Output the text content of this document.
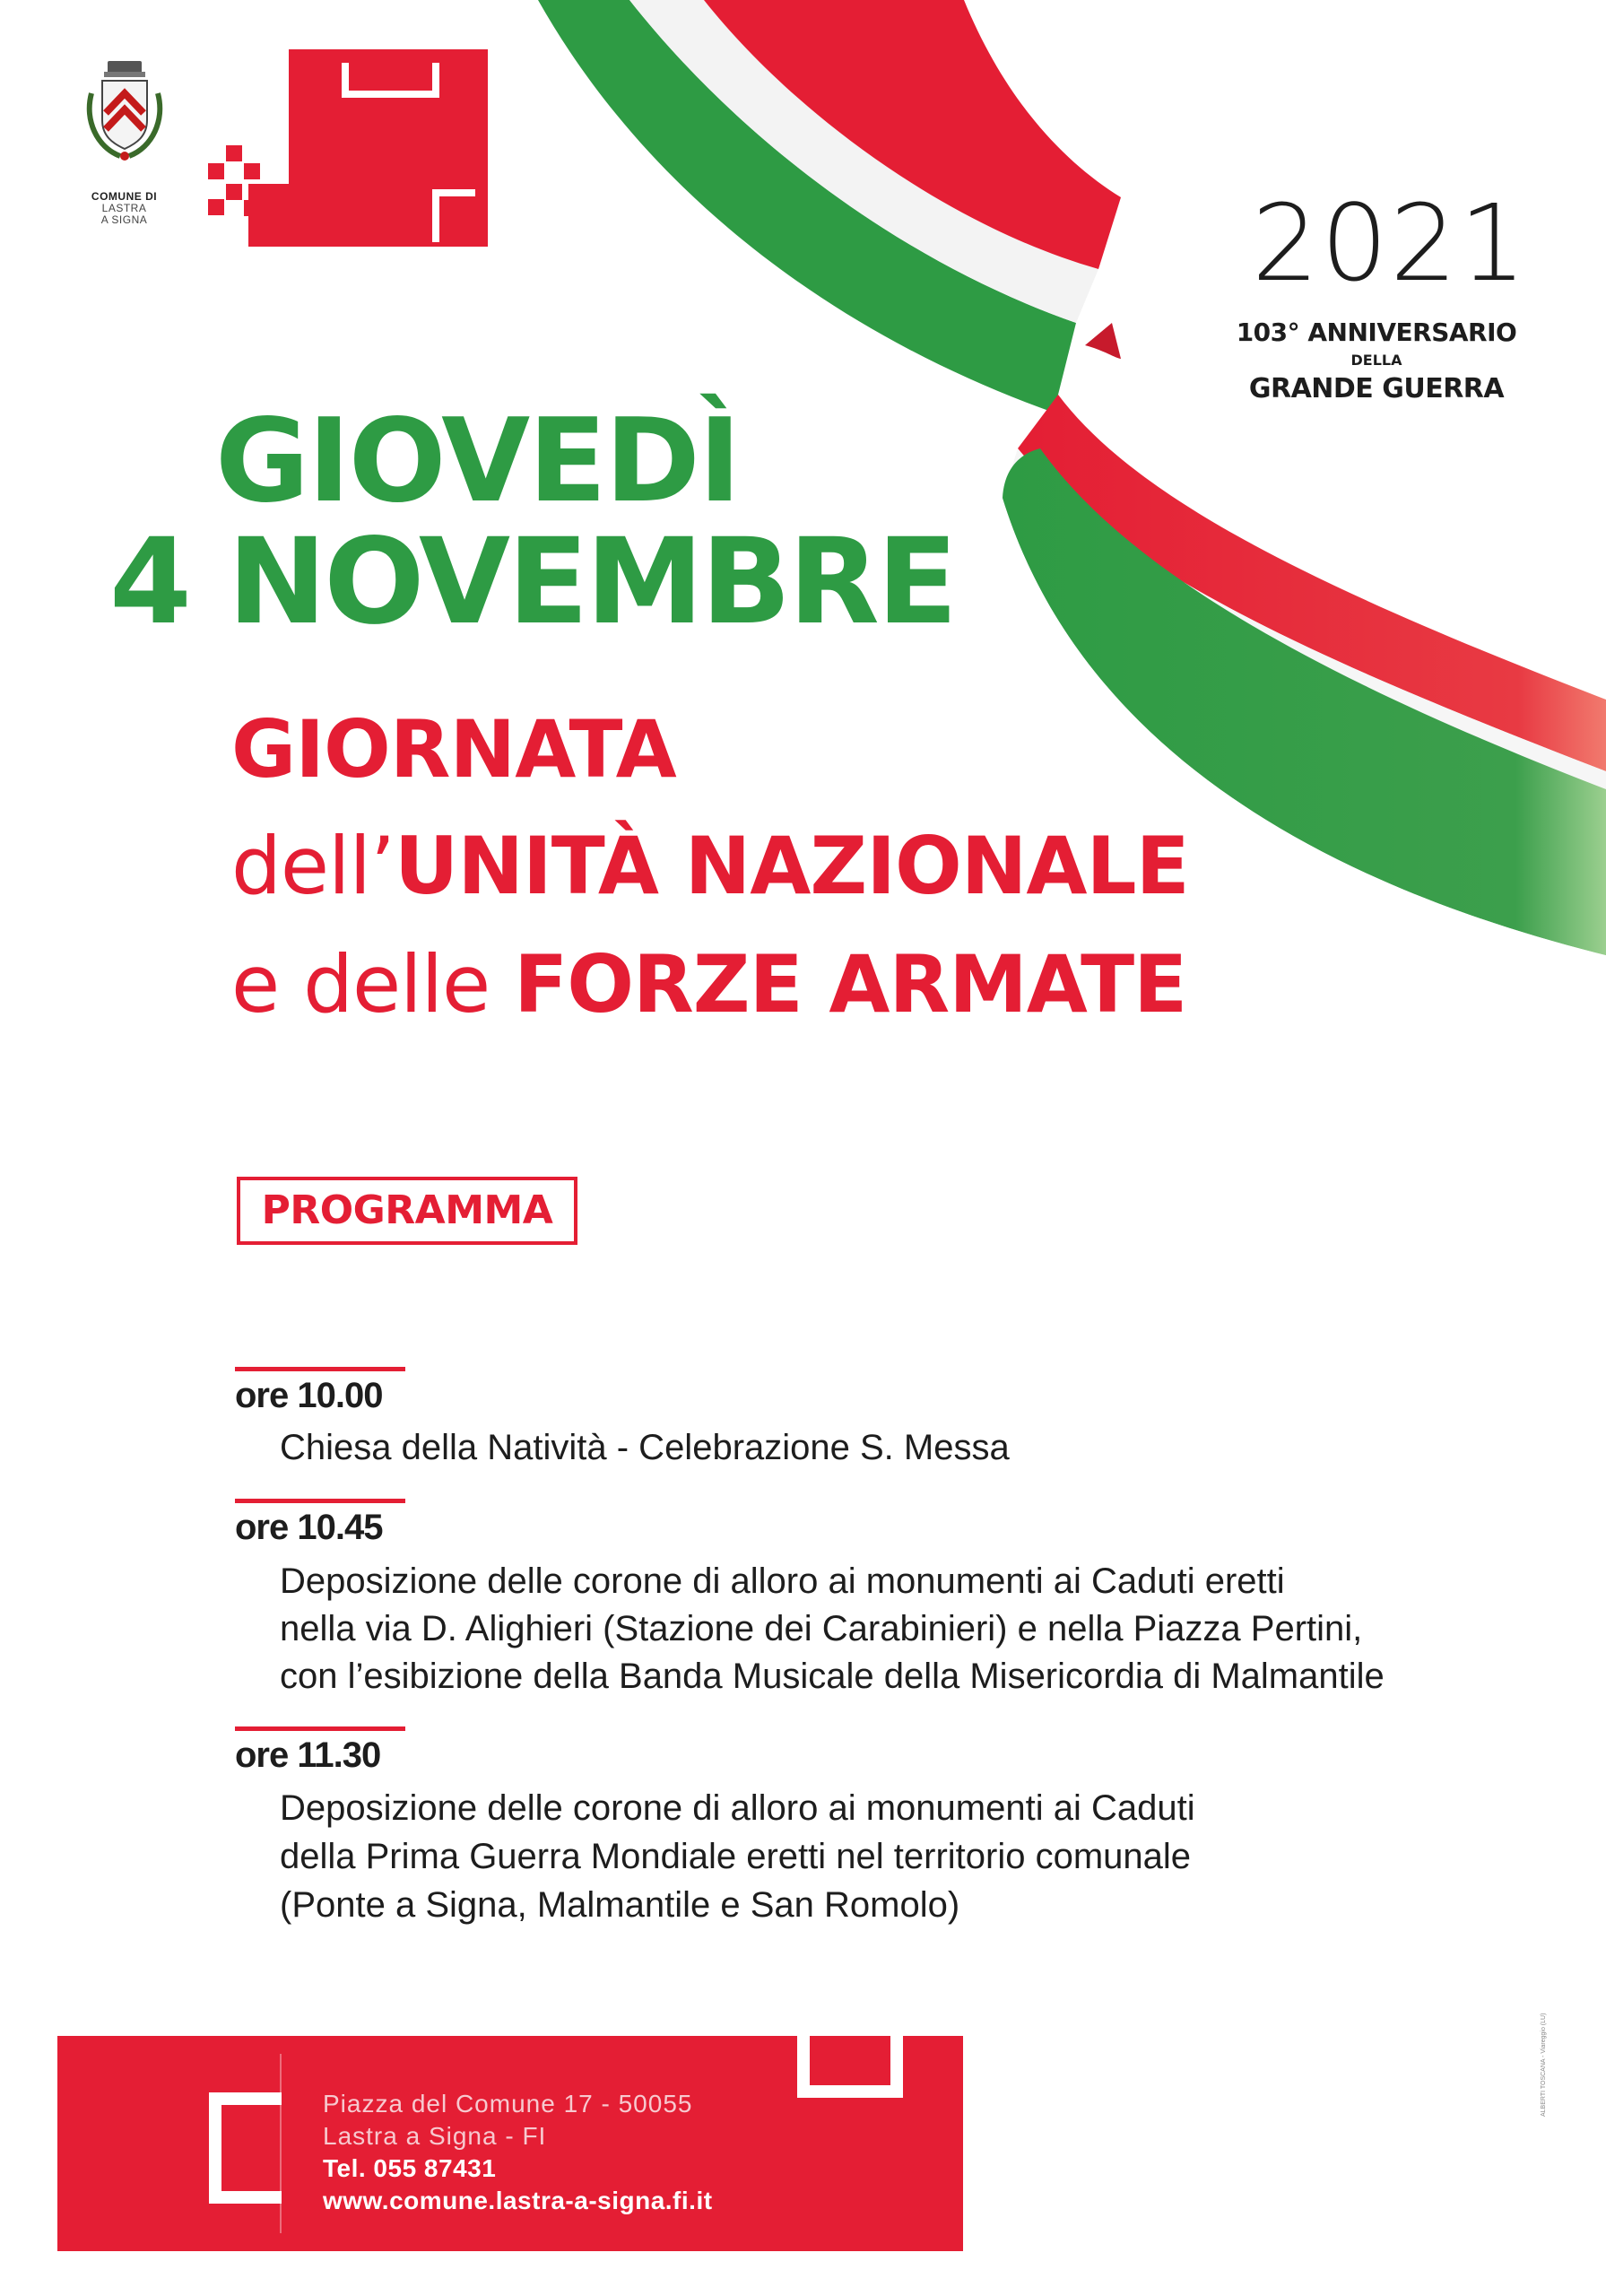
COMUNE DI
LASTRA
A SIGNA	2021
103° ANNIVERSARIO
DELLA
GRANDE GUERRA
GIOVEDÌ
4 NOVEMBRE
GIORNATA
dell’UNITÀ NAZIONALE
e delle FORZE ARMATE
PROGRAMMA
ore 10.00
Chiesa della Natività - Celebrazione S. Messa
ore 10.45
Deposizione delle corone di alloro ai monumenti ai Caduti eretti
nella via D. Alighieri (Stazione dei Carabinieri) e nella Piazza Pertini,
con l’esibizione della Banda Musicale della Misericordia di Malmantile
ore 11.30
Deposizione delle corone di alloro ai monumenti ai Caduti
della Prima Guerra Mondiale eretti nel territorio comunale
(Ponte a Signa, Malmantile e San Romolo)
Piazza del Comune 17 - 50055
Lastra a Signa - FI
Tel. 055 87431
www.comune.lastra-a-signa.fi.it
ALBERTI TOSCANA - Viareggio (LU)
